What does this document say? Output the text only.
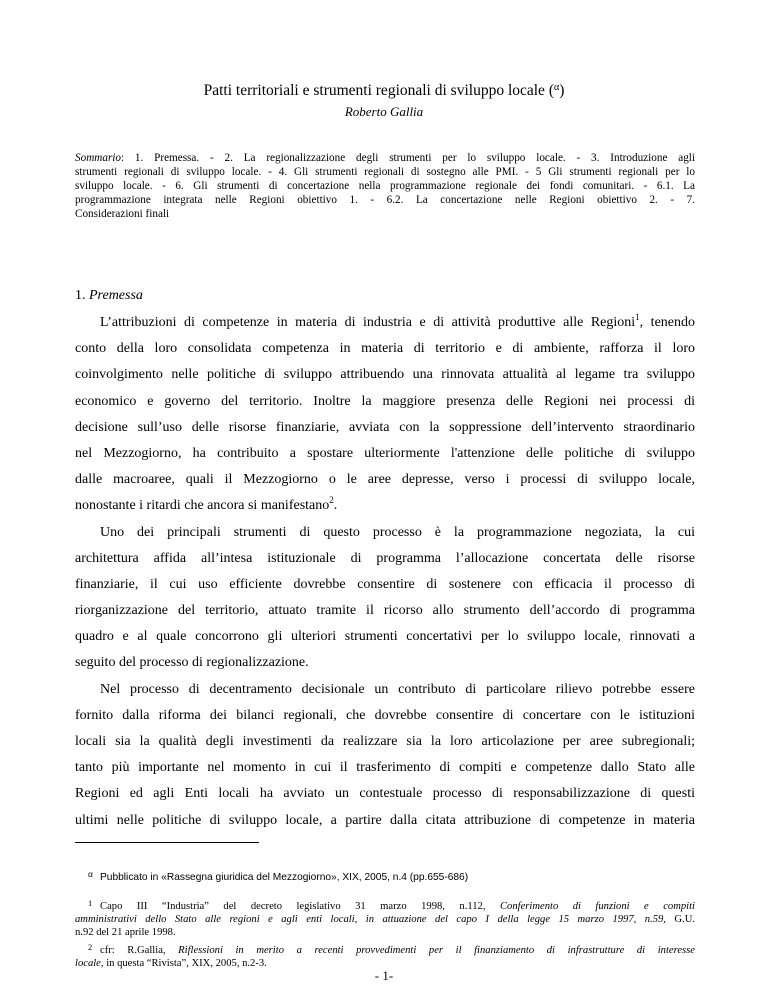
Patti territoriali e strumenti regionali di sviluppo locale ($^\alpha$)
Roberto Gallia
Sommario: 1. Premessa. - 2. La regionalizzazione degli strumenti per lo sviluppo locale. - 3. Introduzione agli
strumenti regionali di sviluppo locale. - 4. Gli strumenti regionali di sostegno alle PMI. - 5 Gli strumenti regionali per lo
sviluppo locale. - 6. Gli strumenti di concertazione nella programmazione regionale dei fondi comunitari. - 6.1. La
programmazione integrata nelle Regioni obiettivo 1. - 6.2. La concertazione nelle Regioni obiettivo 2. - 7.
Considerazioni finali
1. Premessa
L’attribuzioni di competenze in materia di industria e di attività produttive alle Regioni$^1$, tenendo
conto della loro consolidata competenza in materia di territorio e di ambiente, rafforza il loro
coinvolgimento nelle politiche di sviluppo attribuendo una rinnovata attualità al legame tra sviluppo
economico e governo del territorio. Inoltre la maggiore presenza delle Regioni nei processi di
decisione sull’uso delle risorse finanziarie, avviata con la soppressione dell’intervento straordinario
nel Mezzogiorno, ha contribuito a spostare ulteriormente l'attenzione delle politiche di sviluppo
dalle macroaree, quali il Mezzogiorno o le aree depresse, verso i processi di sviluppo locale,
nonostante i ritardi che ancora si manifestano$^2$.
Uno dei principali strumenti di questo processo è la programmazione negoziata, la cui
architettura affida all’intesa istituzionale di programma l’allocazione concertata delle risorse
finanziarie, il cui uso efficiente dovrebbe consentire di sostenere con efficacia il processo di
riorganizzazione del territorio, attuato tramite il ricorso allo strumento dell’accordo di programma
quadro e al quale concorrono gli ulteriori strumenti concertativi per lo sviluppo locale, rinnovati a
seguito del processo di regionalizzazione.
Nel processo di decentramento decisionale un contributo di particolare rilievo potrebbe essere
fornito dalla riforma dei bilanci regionali, che dovrebbe consentire di concertare con le istituzioni
locali sia la qualità degli investimenti da realizzare sia la loro articolazione per aree subregionali;
tanto più importante nel momento in cui il trasferimento di compiti e competenze dallo Stato alle
Regioni ed agli Enti locali ha avviato un contestuale processo di responsabilizzazione di questi
ultimi nelle politiche di sviluppo locale, a partire dalla citata attribuzione di competenze in materia
α Pubblicato in «Rassegna giuridica del Mezzogiorno», XIX, 2005, n.4 (pp.655-686)
1 Capo III “Industria” del decreto legislativo 31 marzo 1998, n.112, Conferimento di funzioni e compiti
amministrativi dello Stato alle regioni e agli enti locali, in attuazione del capo I della legge 15 marzo 1997, n.59, G.U.
n.92 del 21 aprile 1998.
2 cfr: R.Gallia, Riflessioni in merito a recenti provvedimenti per il finanziamento di infrastrutture di interesse
locale, in questa “Rivista”, XIX, 2005, n.2-3.
- 1-
